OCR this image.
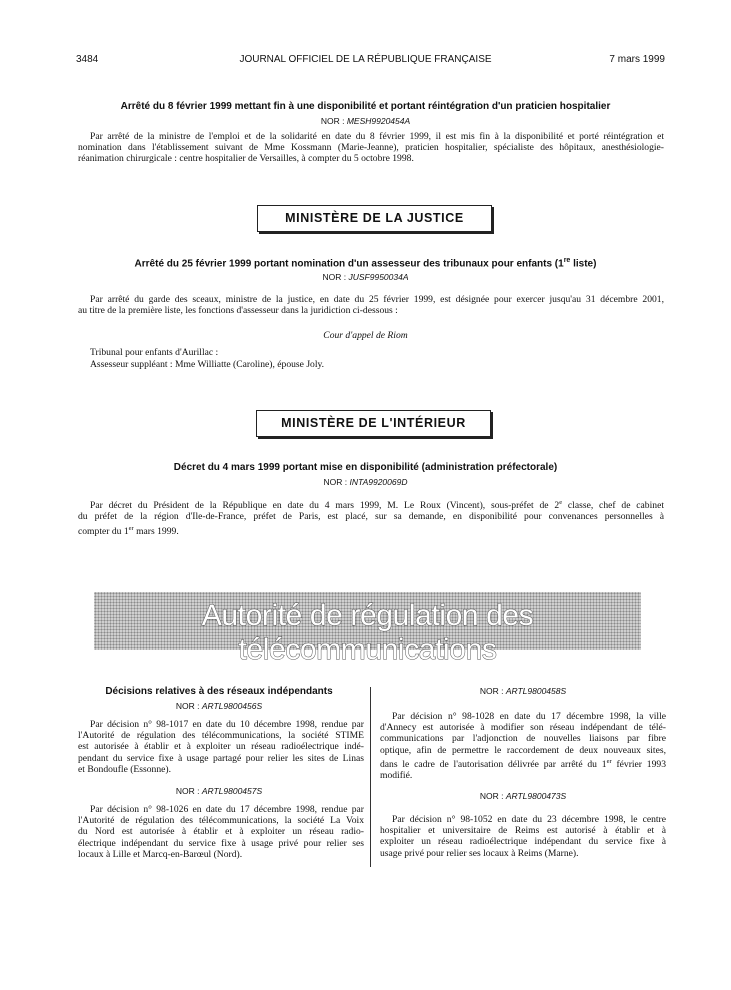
3484	JOURNAL OFFICIEL DE LA RÉPUBLIQUE FRANÇAISE	7 mars 1999
Arrêté du 8 février 1999 mettant fin à une disponibilité et portant réintégration d'un praticien hospitalier
NOR : MESH9920454A
Par arrêté de la ministre de l'emploi et de la solidarité en date du 8 février 1999, il est mis fin à la disponibilité et porté réintégration et
nomination dans l'établissement suivant de Mme Kossmann (Marie-Jeanne), praticien hospitalier, spécialiste des hôpitaux, anesthésiologie-
réanimation chirurgicale : centre hospitalier de Versailles, à compter du 5 octobre 1998.
MINISTÈRE DE LA JUSTICE
Arrêté du 25 février 1999 portant nomination d'un assesseur des tribunaux pour enfants (1re liste)
NOR : JUSF9950034A
Par arrêté du garde des sceaux, ministre de la justice, en date du 25 février 1999, est désignée pour exercer jusqu'au 31 décembre 2001,
au titre de la première liste, les fonctions d'assesseur dans la juridiction ci-dessous :
Cour d'appel de Riom
Tribunal pour enfants d'Aurillac :
Assesseur suppléant : Mme Williatte (Caroline), épouse Joly.
MINISTÈRE DE L'INTÉRIEUR
Décret du 4 mars 1999 portant mise en disponibilité (administration préfectorale)
NOR : INTA9920069D
Par décret du Président de la République en date du 4 mars 1999, M. Le Roux (Vincent), sous-préfet de 2e classe, chef de cabinet
du préfet de la région d'Ile-de-France, préfet de Paris, est placé, sur sa demande, en disponibilité pour convenances personnelles à
compter du 1er mars 1999.
Autorité de régulation des télécommunications
Décisions relatives à des réseaux indépendants
NOR : ARTL9800456S
Par décision n° 98-1017 en date du 10 décembre 1998, rendue par
l'Autorité de régulation des télécommunications, la société STIME
est autorisée à établir et à exploiter un réseau radioélectrique indé-
pendant du service fixe à usage partagé pour relier les sites de Linas
et Bondoufle (Essonne).
NOR : ARTL9800457S
Par décision n° 98-1026 en date du 17 décembre 1998, rendue par
l'Autorité de régulation des télécommunications, la société La Voix
du Nord est autorisée à établir et à exploiter un réseau radio-
électrique indépendant du service fixe à usage privé pour relier ses
locaux à Lille et Marcq-en-Barœul (Nord).
NOR : ARTL9800458S
Par décision n° 98-1028 en date du 17 décembre 1998, la ville
d'Annecy est autorisée à modifier son réseau indépendant de télé-
communications par l'adjonction de nouvelles liaisons par fibre
optique, afin de permettre le raccordement de deux nouveaux sites,
dans le cadre de l'autorisation délivrée par arrêté du 1er février 1993
modifié.
NOR : ARTL9800473S
Par décision n° 98-1052 en date du 23 décembre 1998, le centre
hospitalier et universitaire de Reims est autorisé à établir et à
exploiter un réseau radioélectrique indépendant du service fixe à
usage privé pour relier ses locaux à Reims (Marne).
